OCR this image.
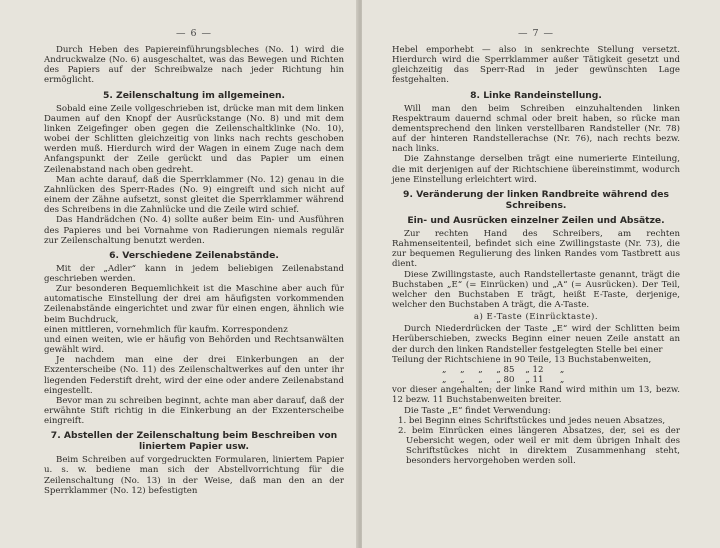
— 6 —

Durch Heben des Papiereinführungsbleches (No. 1) wird die Andruckwalze (No. 6) ausgeschaltet, was das Bewegen und Richten des Papiers auf der Schreibwalze nach jeder Richtung hin ermöglicht.

5. Zeilenschaltung im allgemeinen.

Sobald eine Zeile vollgeschrieben ist, drücke man mit dem linken Daumen auf den Knopf der Ausrückstange (No. 8) und mit dem linken Zeigefinger oben gegen die Zeilenschaltklinke (No. 10), wobei der Schlitten gleichzeitig von links nach rechts geschoben werden muß. Hierdurch wird der Wagen in einem Zuge nach dem Anfangspunkt der Zeile gerückt und das Papier um einen Zeilenabstand nach oben gedreht.

Man achte darauf, daß die Sperrklammer (No. 12) genau in die Zahnlücken des Sperr-Rades (No. 9) eingreift und sich nicht auf einem der Zähne aufsetzt, sonst gleitet die Sperrklammer während des Schreibens in die Zahnlücke und die Zeile wird schief.

Das Handrädchen (No. 4) sollte außer beim Ein- und Ausführen des Papieres und bei Vornahme von Radierungen niemals regulär zur Zeilenschaltung benutzt werden.

6. Verschiedene Zeilenabstände.

Mit der „Adler“ kann in jedem beliebigen Zeilenabstand geschrieben werden.

Zur besonderen Bequemlichkeit ist die Maschine aber auch für automatische Einstellung der drei am häufigsten vorkommenden Zeilenabstände eingerichtet und zwar für einen engen, ähnlich wie beim Buchdruck,

einen mittleren, vornehmlich für kaufm. Korrespondenz

und einen weiten, wie er häufig von Behörden und Rechtsanwälten gewählt wird.

Je nachdem man eine der drei Einkerbungen an der Exzenterscheibe (No. 11) des Zeilenschaltwerkes auf den unter ihr liegenden Federstift dreht, wird der eine oder andere Zeilenabstand eingestellt.

Bevor man zu schreiben beginnt, achte man aber darauf, daß der erwähnte Stift richtig in die Einkerbung an der Exzenterscheibe eingreift.

7. Abstellen der Zeilenschaltung beim Beschreiben von liniertem Papier usw.

Beim Schreiben auf vorgedruckten Formularen, liniertem Papier u. s. w. bediene man sich der Abstellvorrichtung für die Zeilenschaltung (No. 13) in der Weise, daß man den an der Sperrklammer (No. 12) befestigten

— 7 —

Hebel emporhebt — also in senkrechte Stellung versetzt. Hierdurch wird die Sperrklammer außer Tätigkeit gesetzt und gleichzeitig das Sperr-Rad in jeder gewünschten Lage festgehalten.

8. Linke Randeinstellung.

Will man den beim Schreiben einzuhaltenden linken Respektraum dauernd schmal oder breit haben, so rücke man dementsprechend den linken verstellbaren Randsteller (Nr. 78) auf der hinteren Randstellerachse (Nr. 76), nach rechts bezw. nach links.

Die Zahnstange derselben trägt eine numerierte Einteilung, die mit derjenigen auf der Richtschiene übereinstimmt, wodurch jene Einstellung erleichtert wird.

9. Veränderung der linken Randbreite während des Schreibens.
Ein- und Ausrücken einzelner Zeilen und Absätze.

Zur rechten Hand des Schreibers, am rechten Rahmenseitenteil, befindet sich eine Zwillingstaste (Nr. 73), die zur bequemen Regulierung des linken Randes vom Tastbrett aus dient.

Diese Zwillingstaste, auch Randstellertaste genannt, trägt die Buchstaben „E“ (= Einrücken) und „A“ (= Ausrücken). Der Teil, welcher den Buchstaben E trägt, heißt E-Taste, derjenige, welcher den Buchstaben A trägt, die A-Taste.

a) E-Taste (Einrücktaste).

Durch Niederdrücken der Taste „E“ wird der Schlitten beim Herüberschieben, zwecks Beginn einer neuen Zeile anstatt an der durch den linken Randsteller festgelegten Stelle bei einer

Teilung der Richtschiene in 90 Teile, 13 Buchstabenweiten,

„     „     „     „ 85    „ 12      „
„     „     „     „ 80    „ 11      „

vor dieser angehalten; der linke Rand wird mithin um 13, bezw. 12 bezw. 11 Buchstabenweiten breiter.

Die Taste „E“ findet Verwendung:

1. bei Beginn eines Schriftstückes und jedes neuen Absatzes,

2. beim Einrücken eines längeren Absatzes, der, sei es der Uebersicht wegen, oder weil er mit dem übrigen Inhalt des Schriftstückes nicht in direktem Zusammenhang steht, besonders hervorgehoben werden soll.
